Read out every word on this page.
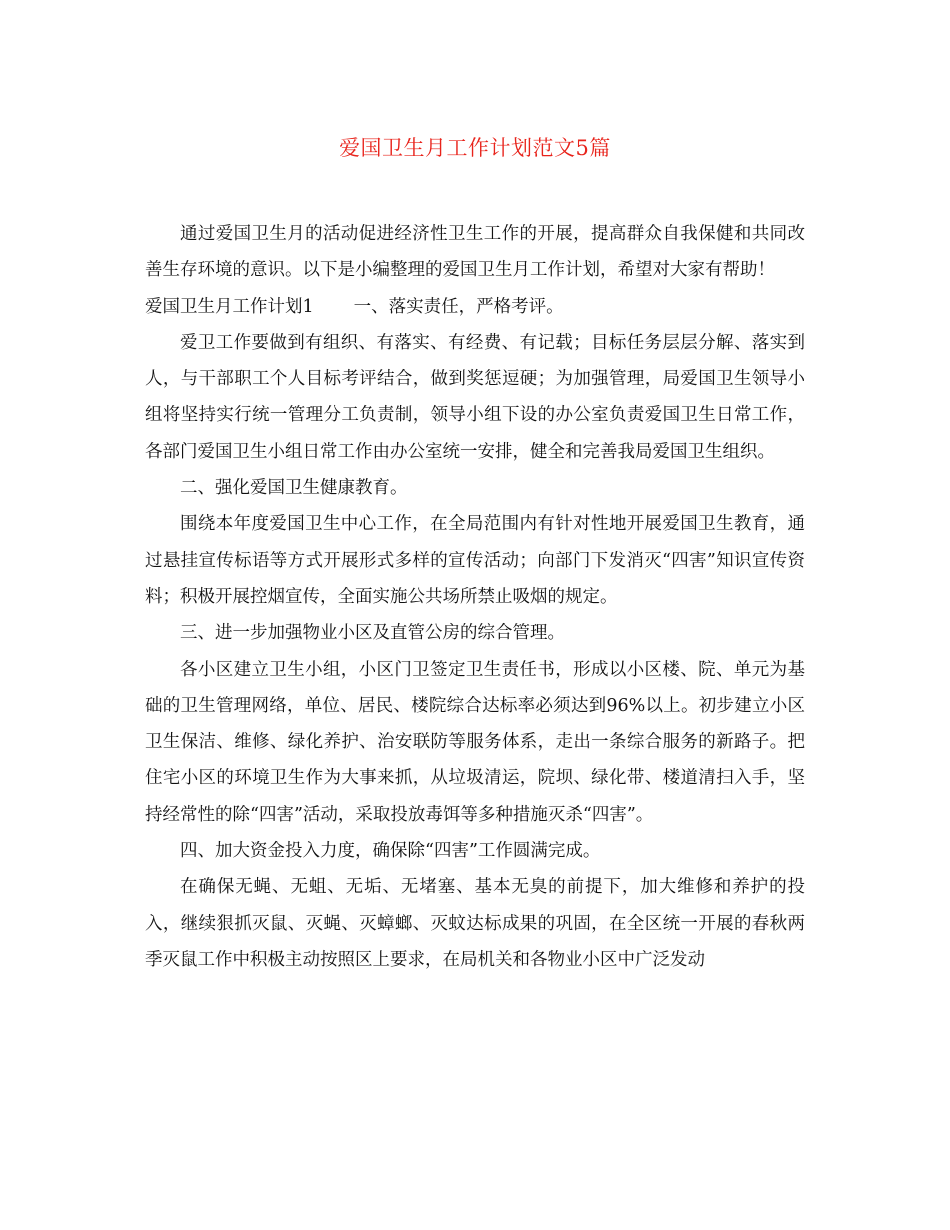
爱国卫生月工作计划范文5篇

通过爱国卫生月的活动促进经济性卫生工作的开展，提高群众自我保健和共同改善生存环境的意识。以下是小编整理的爱国卫生月工作计划，希望对大家有帮助！

爱国卫生月工作计划1 一、落实责任，严格考评。

爱卫工作要做到有组织、有落实、有经费、有记载；目标任务层层分解、落实到人，与干部职工个人目标考评结合，做到奖惩逗硬；为加强管理，局爱国卫生领导小组将坚持实行统一管理分工负责制，领导小组下设的办公室负责爱国卫生日常工作，各部门爱国卫生小组日常工作由办公室统一安排，健全和完善我局爱国卫生组织。

二、强化爱国卫生健康教育。

围绕本年度爱国卫生中心工作，在全局范围内有针对性地开展爱国卫生教育，通过悬挂宣传标语等方式开展形式多样的宣传活动；向部门下发消灭“四害”知识宣传资料；积极开展控烟宣传，全面实施公共场所禁止吸烟的规定。

三、进一步加强物业小区及直管公房的综合管理。

各小区建立卫生小组，小区门卫签定卫生责任书，形成以小区楼、院、单元为基础的卫生管理网络，单位、居民、楼院综合达标率必须达到96%以上。初步建立小区卫生保洁、维修、绿化养护、治安联防等服务体系，走出一条综合服务的新路子。把住宅小区的环境卫生作为大事来抓，从垃圾清运，院坝、绿化带、楼道清扫入手，坚持经常性的除“四害”活动，采取投放毒饵等多种措施灭杀“四害”。

四、加大资金投入力度，确保除“四害”工作圆满完成。

在确保无蝇、无蛆、无垢、无堵塞、基本无臭的前提下，加大维修和养护的投入，继续狠抓灭鼠、灭蝇、灭蟑螂、灭蚊达标成果的巩固，在全区统一开展的春秋两季灭鼠工作中积极主动按照区上要求，在局机关和各物业小区中广泛发动
